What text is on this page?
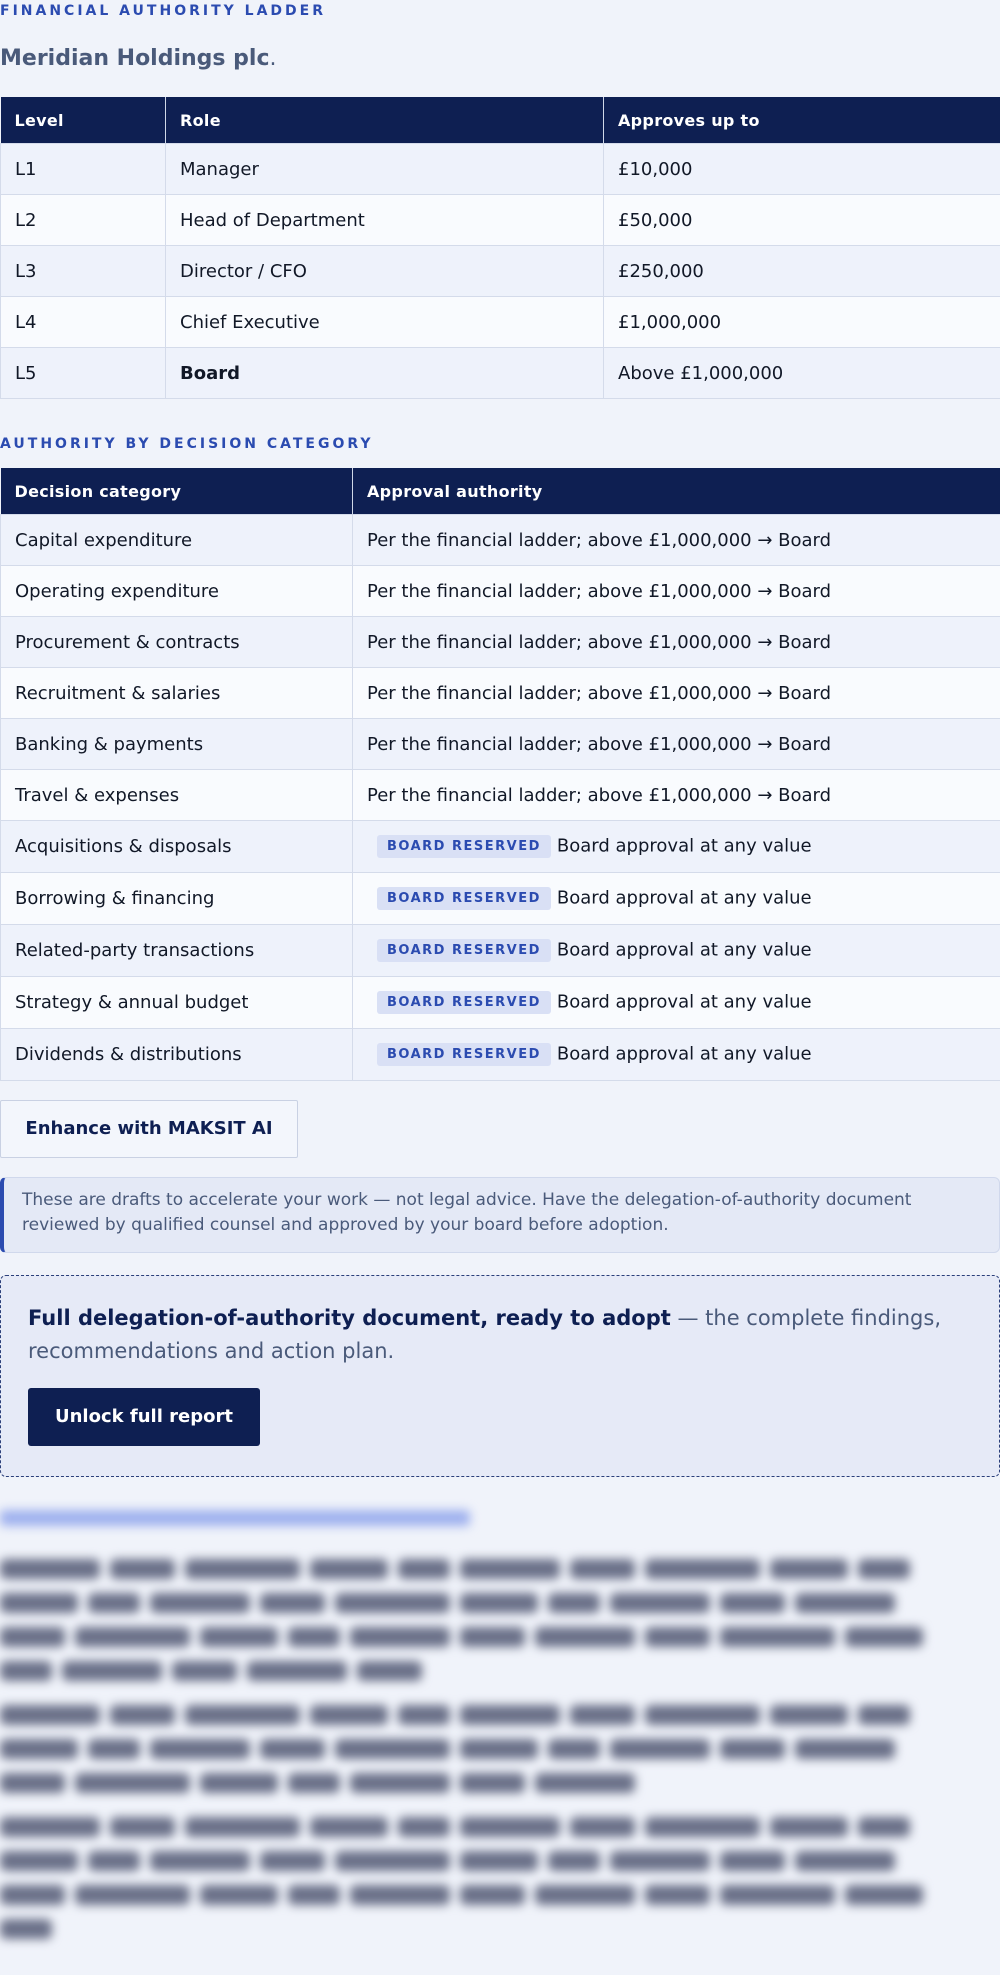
FINANCIAL AUTHORITY LADDER
Meridian Holdings plc.
Level	Role	Approves up to
L1	Manager	£10,000
L2	Head of Department	£50,000
L3	Director / CFO	£250,000
L4	Chief Executive	£1,000,000
L5	Board	Above £1,000,000
AUTHORITY BY DECISION CATEGORY
Decision category	Approval authority
Capital expenditure	Per the financial ladder; above £1,000,000 → Board
Operating expenditure	Per the financial ladder; above £1,000,000 → Board
Procurement & contracts	Per the financial ladder; above £1,000,000 → Board
Recruitment & salaries	Per the financial ladder; above £1,000,000 → Board
Banking & payments	Per the financial ladder; above £1,000,000 → Board
Travel & expenses	Per the financial ladder; above £1,000,000 → Board
Acquisitions & disposals	BOARD RESERVED Board approval at any value
Borrowing & financing	BOARD RESERVED Board approval at any value
Related-party transactions	BOARD RESERVED Board approval at any value
Strategy & annual budget	BOARD RESERVED Board approval at any value
Dividends & distributions	BOARD RESERVED Board approval at any value
Enhance with MAKSIT AI
These are drafts to accelerate your work — not legal advice. Have the delegation-of-authority document reviewed by qualified counsel and approved by your board before adoption.

Full delegation-of-authority document, ready to adopt — the complete findings, recommendations and action plan.

Unlock full report
